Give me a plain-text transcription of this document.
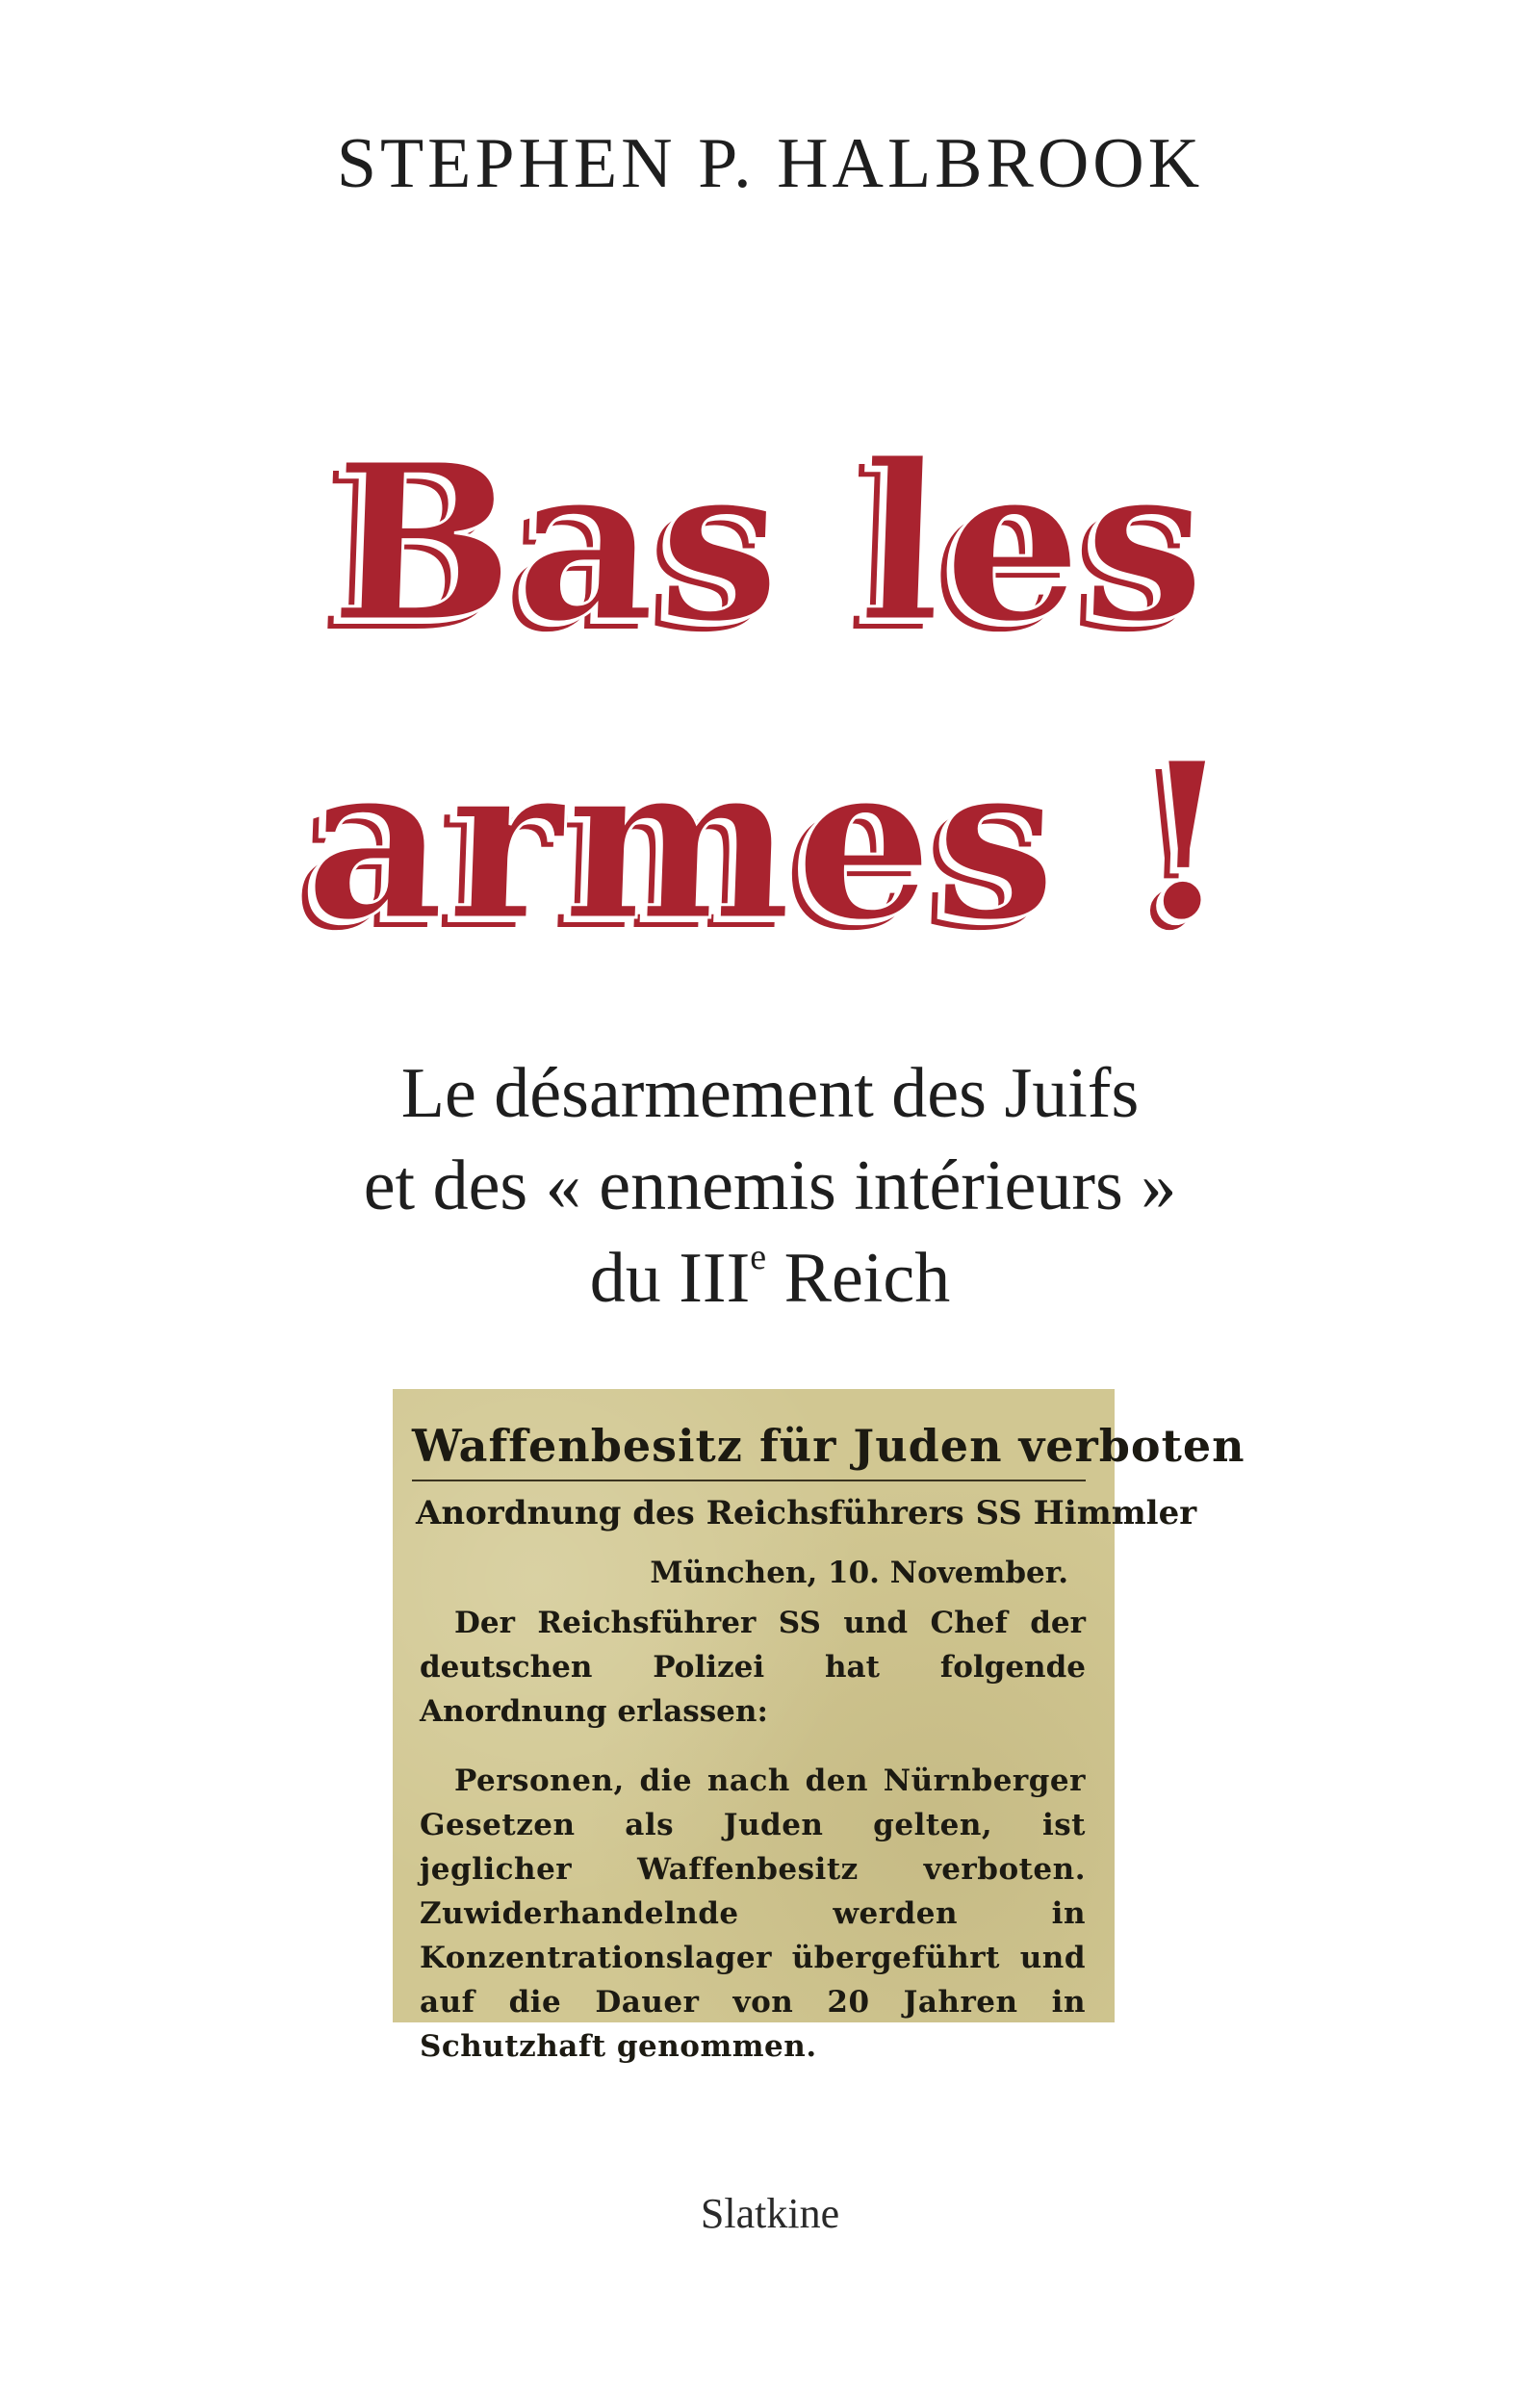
STEPHEN P. HALBROOK
Bas les
armes !
Le désarmement des Juifs
et des « ennemis intérieurs »
du IIIe Reich
Waffenbesitz für Juden verboten
Anordnung des Reichsführers SS Himmler
München, 10. November.

Der Reichsführer SS und Chef der deutschen Polizei hat folgende Anordnung erlassen:

Personen, die nach den Nürnberger Gesetzen als Juden gelten, ist jeglicher Waffenbesitz verboten. Zuwiderhandelnde werden in Konzentrationslager übergeführt und auf die Dauer von 20 Jahren in Schutzhaft genommen.

Slatkine
